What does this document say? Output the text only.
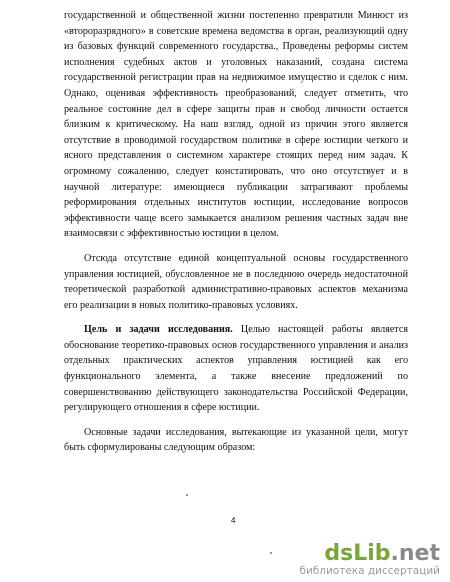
государственной и общественной жизни постепенно превратили Минюст из «второразрядного» в советские времена ведомства в орган, реализующий одну из базовых функций современного государства., Проведены реформы систем исполнения судебных актов и уголовных наказаний, создана система государственной регистрации прав на недвижимое имущество и сделок с ним. Однако, оценивая эффективность преобразований, следует отметить, что реальное состояние дел в сфере защиты прав и свобод личности остается близким к критическому. На наш взгляд, одной из причин этого является отсутствие в проводимой государством политике в сфере юстиции четкого и ясного представления о системном характере стоящих перед ним задач. К огромному сожалению, следует констатировать, что оно отсутствует и в научной литературе: имеющиеся публикации затрагивают проблемы реформирования отдельных институтов юстиции, исследование вопросов эффективности чаще всего замыкается анализом решения частных задач вне взаимосвязи с эффективностью юстиции в целом.

Отсюда отсутствие единой концептуальной основы государственного управления юстицией, обусловленное не в последнюю очередь недостаточной теоретической разработкой административно-правовых аспектов механизма его реализации в новых политико-правовых условиях.

Цель и задачи исследования. Целью настоящей работы является обоснование теоретико-правовых основ государственного управления и анализ отдельных практических аспектов управления юстицией как его функционального элемента, а также внесение предложений по совершенствованию действующего законодательства Российской Федерации, регулирующего отношения в сфере юстиции.

Основные задачи исследования, вытекающие из указанной цели, могут быть сформулированы следующим образом:

4
dsLib.net
библиотека диссертаций
